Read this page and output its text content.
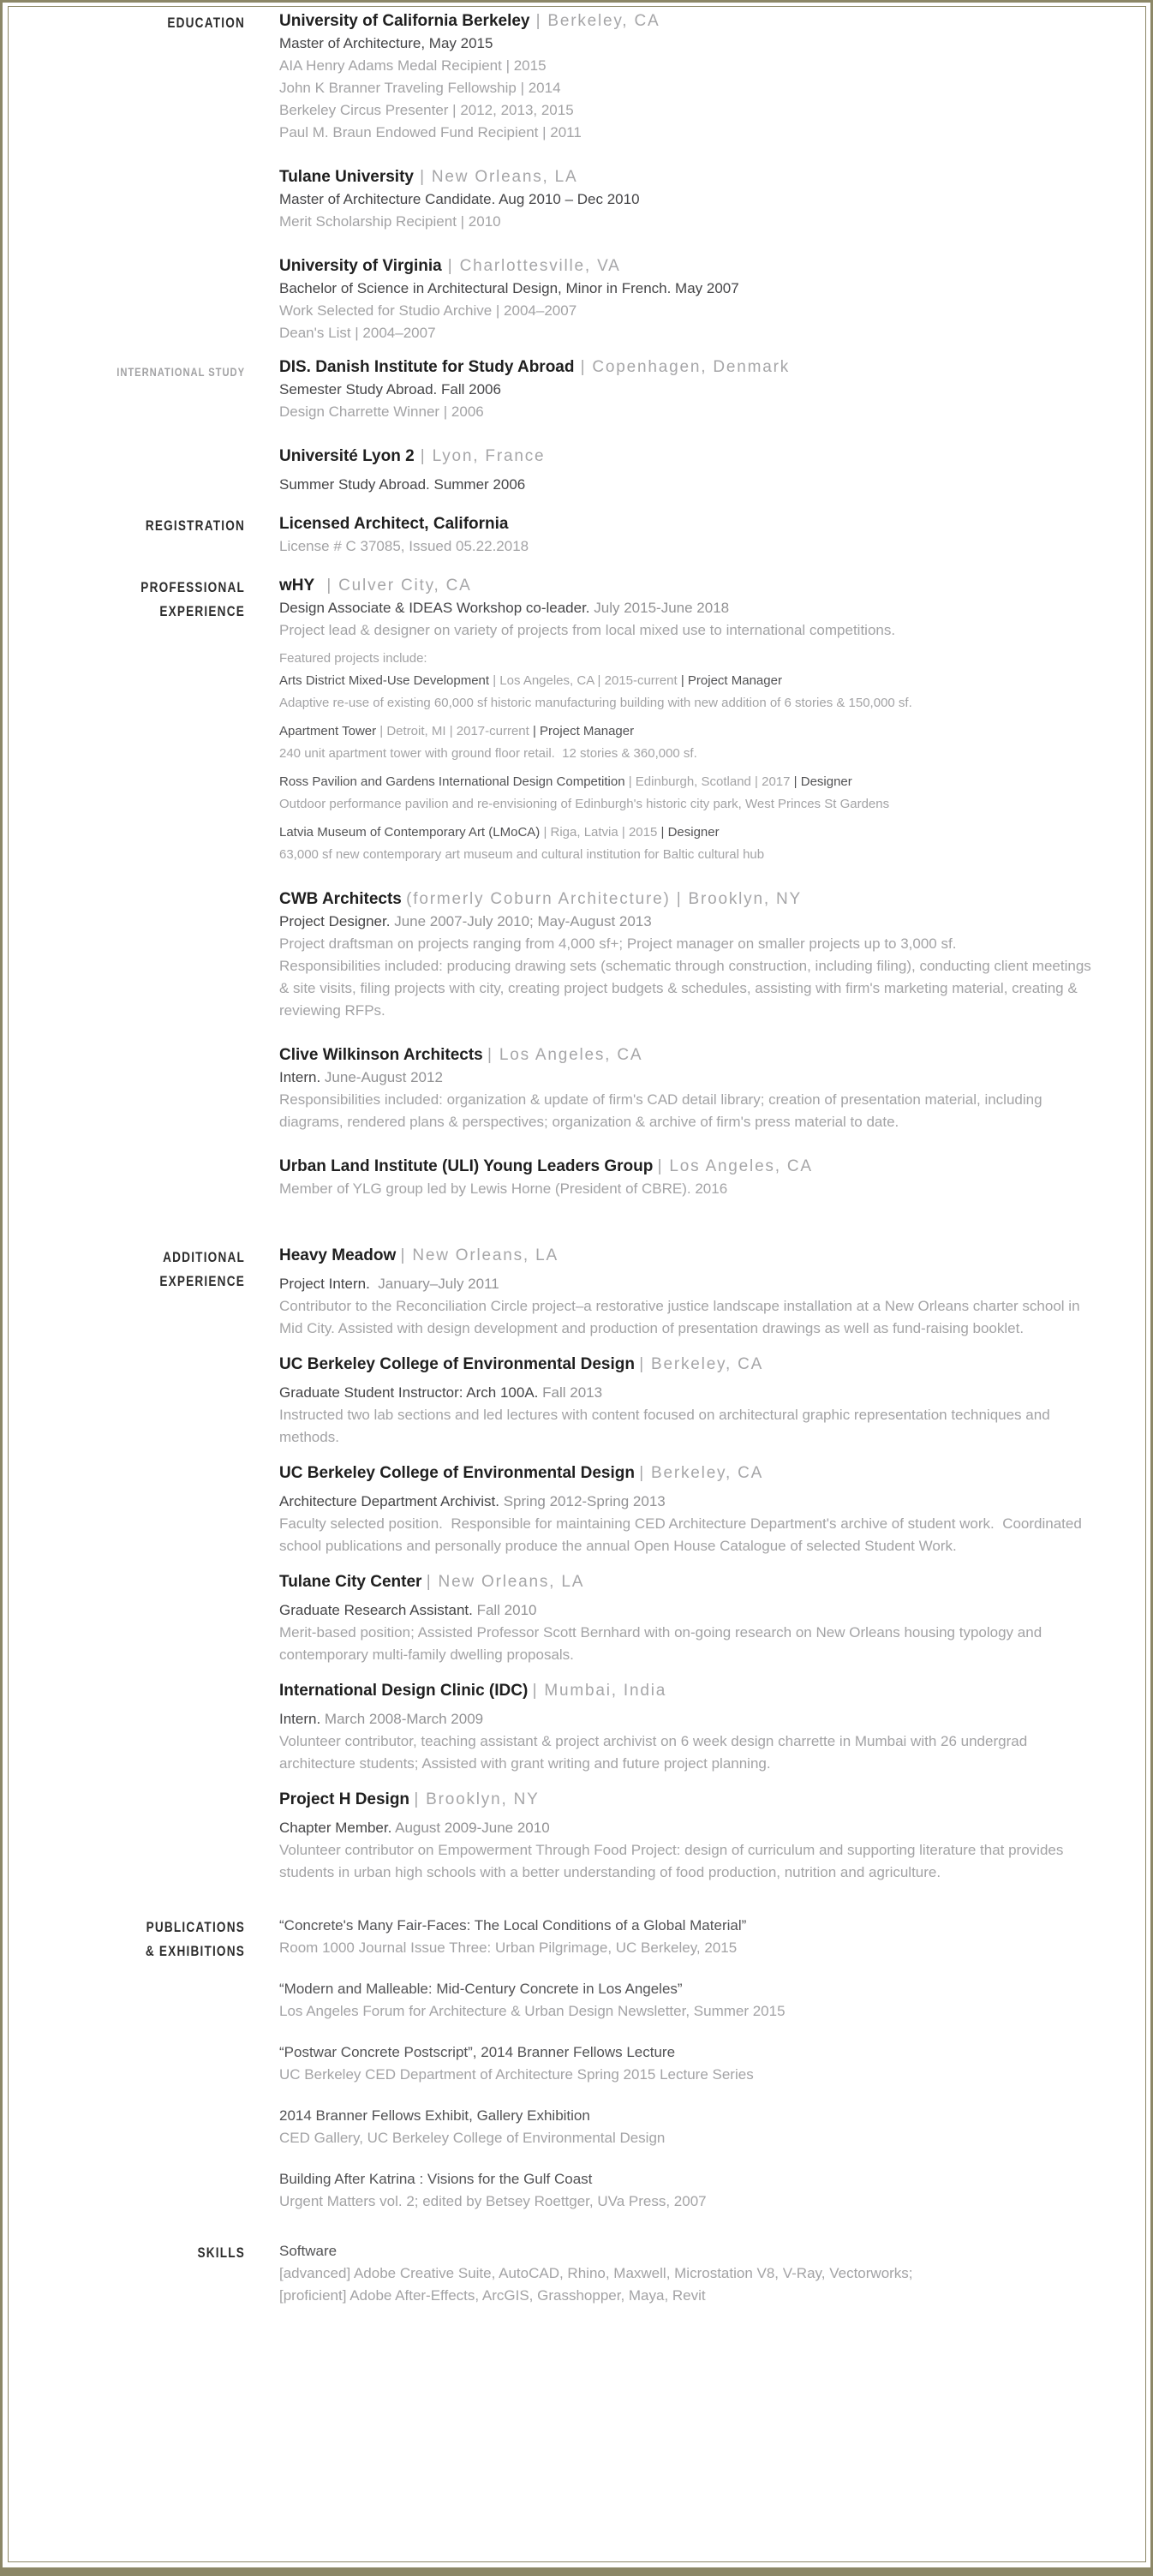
EDUCATION University of California Berkeley | Berkeley, CA
Master of Architecture, May 2015
AIA Henry Adams Medal Recipient | 2015
John K Branner Traveling Fellowship | 2014
Berkeley Circus Presenter | 2012, 2013, 2015
Paul M. Braun Endowed Fund Recipient | 2011
Tulane University | New Orleans, LA
Master of Architecture Candidate. Aug 2010 – Dec 2010
Merit Scholarship Recipient | 2010
University of Virginia | Charlottesville, VA
Bachelor of Science in Architectural Design, Minor in French. May 2007
Work Selected for Studio Archive | 2004–2007
Dean's List | 2004–2007
INTERNATIONAL STUDY DIS. Danish Institute for Study Abroad | Copenhagen, Denmark
Semester Study Abroad. Fall 2006
Design Charrette Winner | 2006
Université Lyon 2 | Lyon, France
Summer Study Abroad. Summer 2006
REGISTRATION Licensed Architect, California
License # C 37085, Issued 05.22.2018
PROFESSIONAL
EXPERIENCE
wHY  | Culver City, CA
Design Associate & IDEAS Workshop co-leader. July 2015-June 2018
Project lead & designer on variety of projects from local mixed use to international competitions.
Featured projects include:
Arts District Mixed-Use Development | Los Angeles, CA | 2015-current | Project Manager
Adaptive re-use of existing 60,000 sf historic manufacturing building with new addition of 6 stories & 150,000 sf.
Apartment Tower | Detroit, MI | 2017-current | Project Manager
240 unit apartment tower with ground floor retail.  12 stories & 360,000 sf.
Ross Pavilion and Gardens International Design Competition | Edinburgh, Scotland | 2017 | Designer
Outdoor performance pavilion and re-envisioning of Edinburgh's historic city park, West Princes St Gardens
Latvia Museum of Contemporary Art (LMoCA) | Riga, Latvia | 2015 | Designer
63,000 sf new contemporary art museum and cultural institution for Baltic cultural hub
CWB Architects (formerly Coburn Architecture) | Brooklyn, NY
Project Designer. June 2007-July 2010; May-August 2013
Project draftsman on projects ranging from 4,000 sf+; Project manager on smaller projects up to 3,000 sf.
Responsibilities included: producing drawing sets (schematic through construction, including filing), conducting client meetings & site visits, filing projects with city, creating project budgets & schedules, assisting with firm's marketing material, creating & reviewing RFPs.
Clive Wilkinson Architects | Los Angeles, CA
Intern. June-August 2012
Responsibilities included: organization & update of firm's CAD detail library; creation of presentation material, including diagrams, rendered plans & perspectives; organization & archive of firm's press material to date.
Urban Land Institute (ULI) Young Leaders Group | Los Angeles, CA
Member of YLG group led by Lewis Horne (President of CBRE). 2016
ADDITIONAL
EXPERIENCE
Heavy Meadow | New Orleans, LA
Project Intern.  January–July 2011
Contributor to the Reconciliation Circle project–a restorative justice landscape installation at a New Orleans charter school in Mid City. Assisted with design development and production of presentation drawings as well as fund-raising booklet.
UC Berkeley College of Environmental Design | Berkeley, CA
Graduate Student Instructor: Arch 100A. Fall 2013
Instructed two lab sections and led lectures with content focused on architectural graphic representation techniques and methods.
UC Berkeley College of Environmental Design | Berkeley, CA
Architecture Department Archivist. Spring 2012-Spring 2013
Faculty selected position.  Responsible for maintaining CED Architecture Department's archive of student work.  Coordinated school publications and personally produce the annual Open House Catalogue of selected Student Work.
Tulane City Center | New Orleans, LA
Graduate Research Assistant. Fall 2010
Merit-based position; Assisted Professor Scott Bernhard with on-going research on New Orleans housing typology and contemporary multi-family dwelling proposals.
International Design Clinic (IDC) | Mumbai, India
Intern. March 2008-March 2009
Volunteer contributor, teaching assistant & project archivist on 6 week design charrette in Mumbai with 26 undergrad architecture students; Assisted with grant writing and future project planning.
Project H Design | Brooklyn, NY
Chapter Member. August 2009-June 2010
Volunteer contributor on Empowerment Through Food Project: design of curriculum and supporting literature that provides students in urban high schools with a better understanding of food production, nutrition and agriculture.
PUBLICATIONS
& EXHIBITIONS
“Concrete's Many Fair-Faces: The Local Conditions of a Global Material”
Room 1000 Journal Issue Three: Urban Pilgrimage, UC Berkeley, 2015
“Modern and Malleable: Mid-Century Concrete in Los Angeles”
Los Angeles Forum for Architecture & Urban Design Newsletter, Summer 2015
“Postwar Concrete Postscript”, 2014 Branner Fellows Lecture
UC Berkeley CED Department of Architecture Spring 2015 Lecture Series
2014 Branner Fellows Exhibit, Gallery Exhibition
CED Gallery, UC Berkeley College of Environmental Design
Building After Katrina : Visions for the Gulf Coast
Urgent Matters vol. 2; edited by Betsey Roettger, UVa Press, 2007
SKILLS Software
[advanced] Adobe Creative Suite, AutoCAD, Rhino, Maxwell, Microstation V8, V-Ray, Vectorworks;
[proficient] Adobe After-Effects, ArcGIS, Grasshopper, Maya, Revit
